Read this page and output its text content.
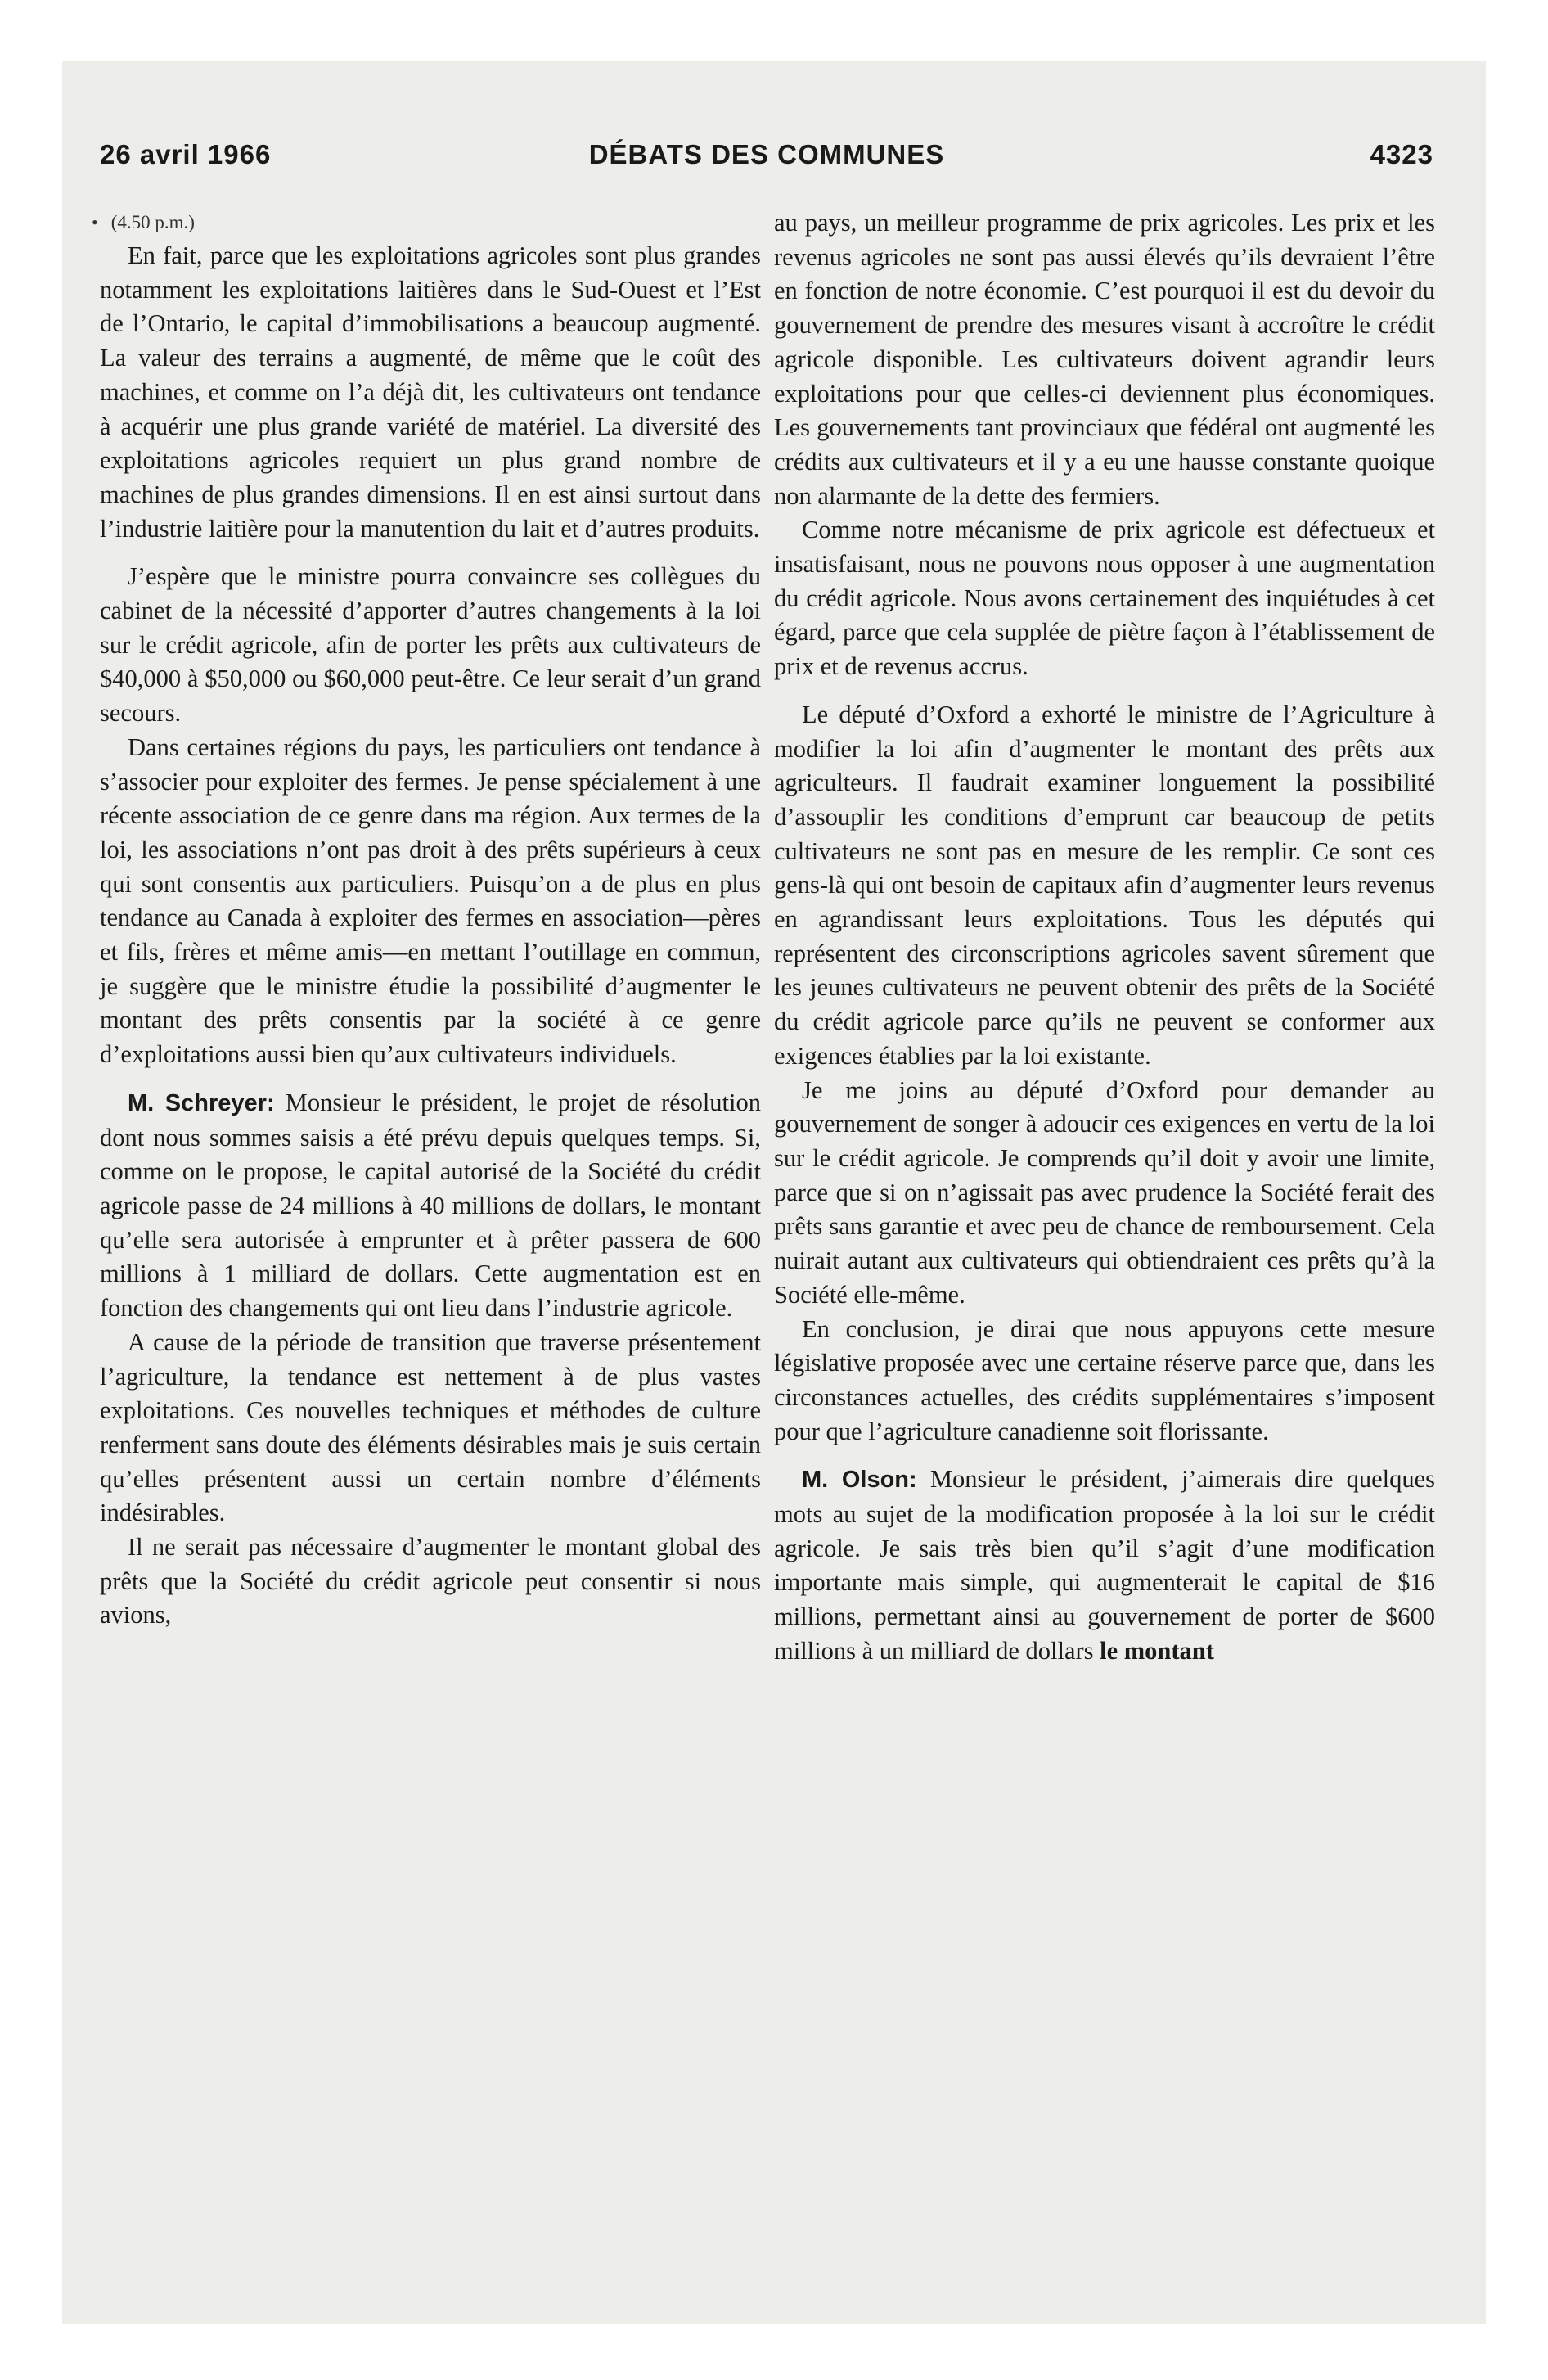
DÉBATS DES COMMUNES
26 avril 1966	4323
• (4.50 p.m.)

En fait, parce que les exploitations agricoles sont plus grandes notamment les exploitations laitières dans le Sud-Ouest et l’Est de l’Ontario, le capital d’immobilisations a beaucoup augmenté. La valeur des terrains a augmenté, de même que le coût des machines, et comme on l’a déjà dit, les cultivateurs ont tendance à acquérir une plus grande variété de matériel. La diversité des exploitations agricoles requiert un plus grand nombre de machines de plus grandes dimensions. Il en est ainsi surtout dans l’industrie laitière pour la manutention du lait et d’autres produits.

J’espère que le ministre pourra convaincre ses collègues du cabinet de la nécessité d’apporter d’autres changements à la loi sur le crédit agricole, afin de porter les prêts aux cultivateurs de $40,000 à $50,000 ou $60,000 peut-être. Ce leur serait d’un grand secours.

Dans certaines régions du pays, les particuliers ont tendance à s’associer pour exploiter des fermes. Je pense spécialement à une récente association de ce genre dans ma région. Aux termes de la loi, les associations n’ont pas droit à des prêts supérieurs à ceux qui sont consentis aux particuliers. Puisqu’on a de plus en plus tendance au Canada à exploiter des fermes en association—pères et fils, frères et même amis—en mettant l’outillage en commun, je suggère que le ministre étudie la possibilité d’augmenter le montant des prêts consentis par la société à ce genre d’exploitations aussi bien qu’aux cultivateurs individuels.

M. Schreyer: Monsieur le président, le projet de résolution dont nous sommes saisis a été prévu depuis quelques temps. Si, comme on le propose, le capital autorisé de la Société du crédit agricole passe de 24 millions à 40 millions de dollars, le montant qu’elle sera autorisée à emprunter et à prêter passera de 600 millions à 1 milliard de dollars. Cette augmentation est en fonction des changements qui ont lieu dans l’industrie agricole.

A cause de la période de transition que traverse présentement l’agriculture, la tendance est nettement à de plus vastes exploitations. Ces nouvelles techniques et méthodes de culture renferment sans doute des éléments désirables mais je suis certain qu’elles présentent aussi un certain nombre d’éléments indésirables.

Il ne serait pas nécessaire d’augmenter le montant global des prêts que la Société du crédit agricole peut consentir si nous avions,

au pays, un meilleur programme de prix agricoles. Les prix et les revenus agricoles ne sont pas aussi élevés qu’ils devraient l’être en fonction de notre économie. C’est pourquoi il est du devoir du gouvernement de prendre des mesures visant à accroître le crédit agricole disponible. Les cultivateurs doivent agrandir leurs exploitations pour que celles-ci deviennent plus économiques. Les gouvernements tant provinciaux que fédéral ont augmenté les crédits aux cultivateurs et il y a eu une hausse constante quoique non alarmante de la dette des fermiers.

Comme notre mécanisme de prix agricole est défectueux et insatisfaisant, nous ne pouvons nous opposer à une augmentation du crédit agricole. Nous avons certainement des inquiétudes à cet égard, parce que cela supplée de piètre façon à l’établissement de prix et de revenus accrus.

Le député d’Oxford a exhorté le ministre de l’Agriculture à modifier la loi afin d’augmenter le montant des prêts aux agriculteurs. Il faudrait examiner longuement la possibilité d’assouplir les conditions d’emprunt car beaucoup de petits cultivateurs ne sont pas en mesure de les remplir. Ce sont ces gens-là qui ont besoin de capitaux afin d’augmenter leurs revenus en agrandissant leurs exploitations. Tous les députés qui représentent des circonscriptions agricoles savent sûrement que les jeunes cultivateurs ne peuvent obtenir des prêts de la Société du crédit agricole parce qu’ils ne peuvent se conformer aux exigences établies par la loi existante.

Je me joins au député d’Oxford pour demander au gouvernement de songer à adoucir ces exigences en vertu de la loi sur le crédit agricole. Je comprends qu’il doit y avoir une limite, parce que si on n’agissait pas avec prudence la Société ferait des prêts sans garantie et avec peu de chance de remboursement. Cela nuirait autant aux cultivateurs qui obtiendraient ces prêts qu’à la Société elle-même.

En conclusion, je dirai que nous appuyons cette mesure législative proposée avec une certaine réserve parce que, dans les circonstances actuelles, des crédits supplémentaires s’imposent pour que l’agriculture canadienne soit florissante.

M. Olson: Monsieur le président, j’aimerais dire quelques mots au sujet de la modification proposée à la loi sur le crédit agricole. Je sais très bien qu’il s’agit d’une modification importante mais simple, qui augmenterait le capital de $16 millions, permettant ainsi au gouvernement de porter de $600 millions à un milliard de dollars le montant
